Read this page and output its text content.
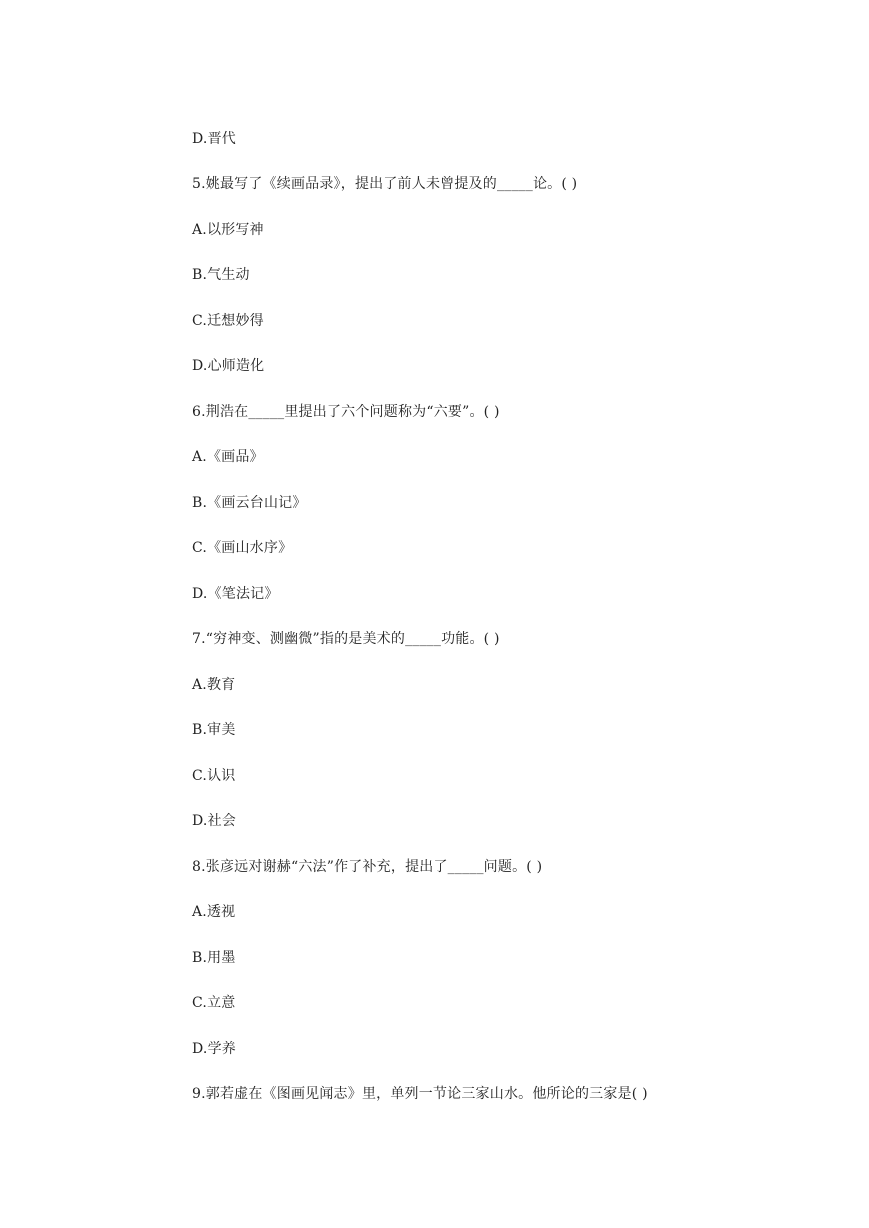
D.晋代
5.姚最写了《续画品录》，提出了前人未曾提及的_____论。( )
A.以形写神
B.气生动
C.迁想妙得
D.心师造化
6.荆浩在_____里提出了六个问题称为“六要”。( )
A.《画品》
B.《画云台山记》
C.《画山水序》
D.《笔法记》
7.“穷神变、测幽微”指的是美术的_____功能。( )
A.教育
B.审美
C.认识
D.社会
8.张彦远对谢赫“六法”作了补充，提出了_____问题。( )
A.透视
B.用墨
C.立意
D.学养
9.郭若虚在《图画见闻志》里，单列一节论三家山水。他所论的三家是( )
